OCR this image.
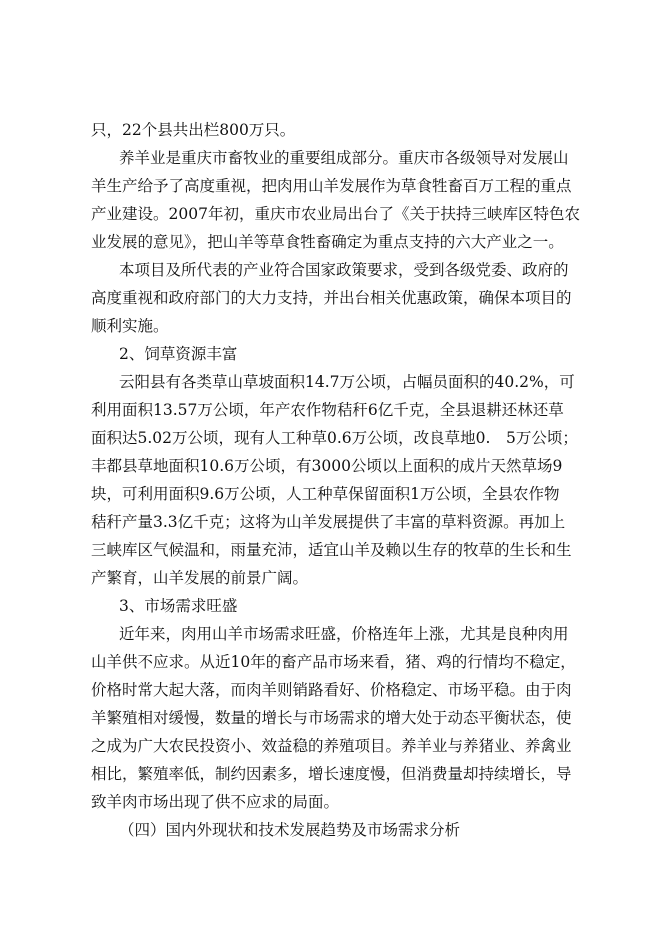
只，22个县共出栏800万只。
养羊业是重庆市畜牧业的重要组成部分。重庆市各级领导对发展山
羊生产给予了高度重视，把肉用山羊发展作为草食牲畜百万工程的重点
产业建设。2007年初，重庆市农业局出台了《关于扶持三峡库区特色农
业发展的意见》，把山羊等草食牲畜确定为重点支持的六大产业之一。
本项目及所代表的产业符合国家政策要求，受到各级党委、政府的
高度重视和政府部门的大力支持，并出台相关优惠政策，确保本项目的
顺利实施。
2、饲草资源丰富
云阳县有各类草山草坡面积14.7万公顷，占幅员面积的40.2%，可
利用面积13.57万公顷，年产农作物秸秆6亿千克，全县退耕还林还草
面积达5.02万公顷，现有人工种草0.6万公顷，改良草地0.　5万公顷；
丰都县草地面积10.6万公顷，有3000公顷以上面积的成片天然草场9
块，可利用面积9.6万公顷，人工种草保留面积1万公顷，全县农作物
秸秆产量3.3亿千克；这将为山羊发展提供了丰富的草料资源。再加上
三峡库区气候温和，雨量充沛，适宜山羊及赖以生存的牧草的生长和生
产繁育，山羊发展的前景广阔。
3、市场需求旺盛
近年来，肉用山羊市场需求旺盛，价格连年上涨，尤其是良种肉用
山羊供不应求。从近10年的畜产品市场来看，猪、鸡的行情均不稳定，
价格时常大起大落，而肉羊则销路看好、价格稳定、市场平稳。由于肉
羊繁殖相对缓慢，数量的增长与市场需求的增大处于动态平衡状态，使
之成为广大农民投资小、效益稳的养殖项目。养羊业与养猪业、养禽业
相比，繁殖率低，制约因素多，增长速度慢，但消费量却持续增长，导
致羊肉市场出现了供不应求的局面。
（四）国内外现状和技术发展趋势及市场需求分析
